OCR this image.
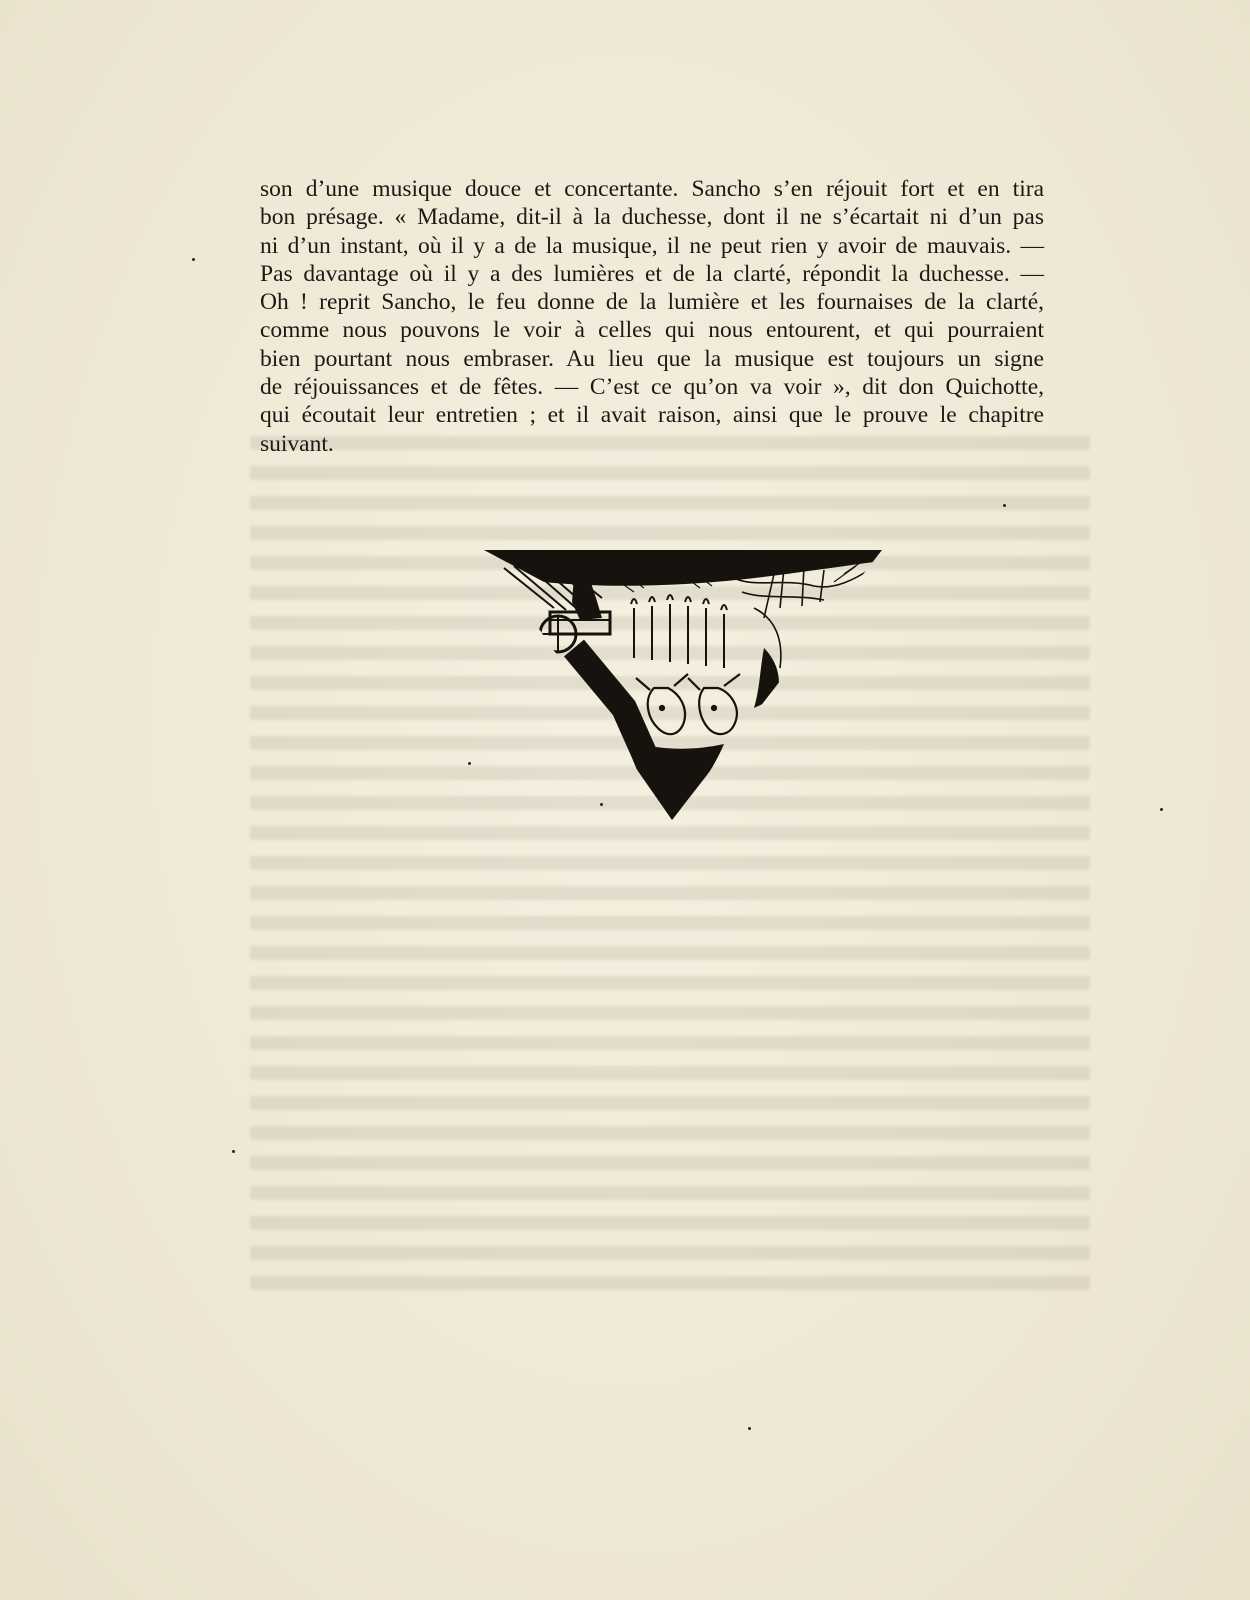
son d’une musique douce et concertante. Sancho s’en réjouit fort et en tira
bon présage. « Madame, dit-il à la duchesse, dont il ne s’écartait ni d’un pas
ni d’un instant, où il y a de la musique, il ne peut rien y avoir de mauvais. —
Pas davantage où il y a des lumières et de la clarté, répondit la duchesse. —
Oh ! reprit Sancho, le feu donne de la lumière et les fournaises de la clarté,
comme nous pouvons le voir à celles qui nous entourent, et qui pourraient
bien pourtant nous embraser. Au lieu que la musique est toujours un signe
de réjouissances et de fêtes. — C’est ce qu’on va voir », dit don Quichotte,
qui écoutait leur entretien ; et il avait raison, ainsi que le prouve le chapitre
suivant.
